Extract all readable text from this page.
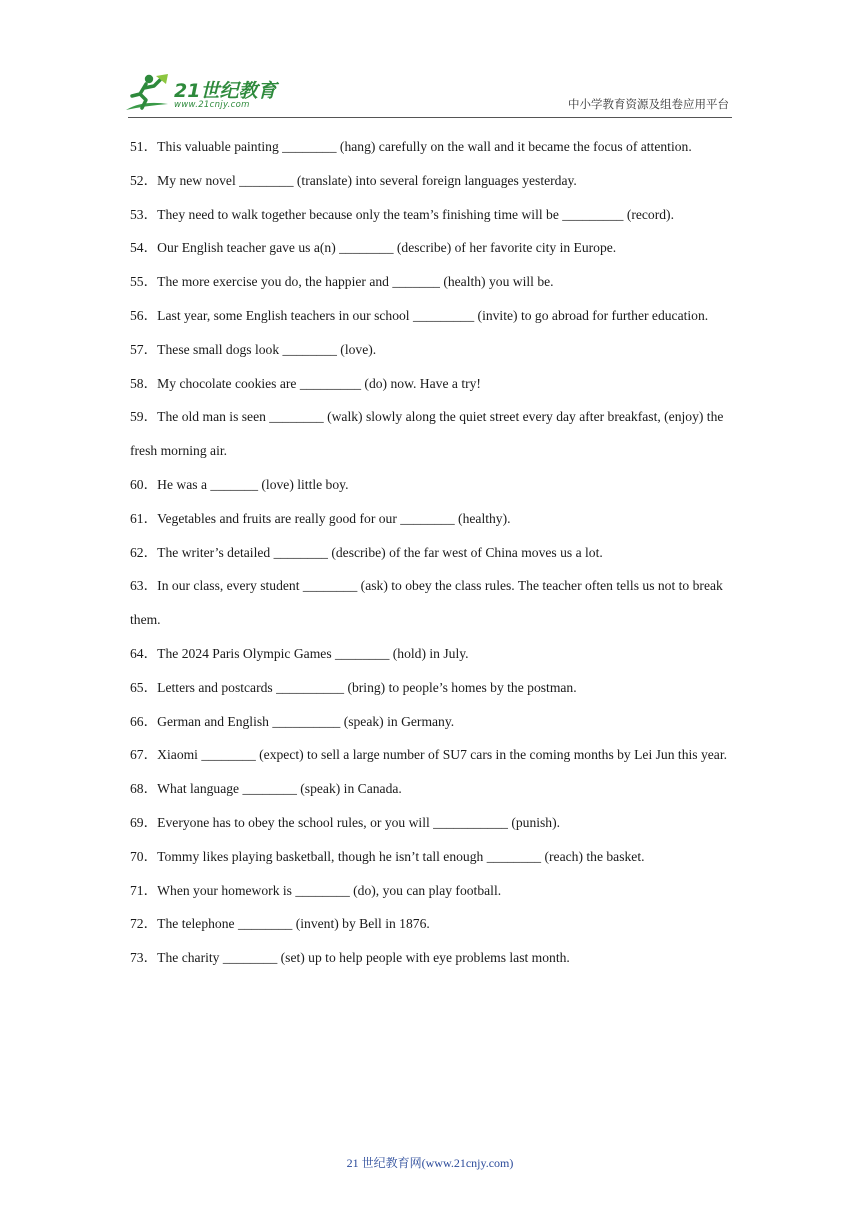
21世纪教育
www.21cnjy.com	中小学教育资源及组卷应用平台

51．This valuable painting ________ (hang) carefully on the wall and it became the focus of attention.

52．My new novel ________ (translate) into several foreign languages yesterday.

53．They need to walk together because only the team’s finishing time will be _________ (record).

54．Our English teacher gave us a(n) ________ (describe) of her favorite city in Europe.

55．The more exercise you do, the happier and _______ (health) you will be.

56．Last year, some English teachers in our school _________ (invite) to go abroad for further education.

57．These small dogs look ________ (love).

58．My chocolate cookies are _________ (do) now. Have a try!

59．The old man is seen ________ (walk) slowly along the quiet street every day after breakfast, (enjoy) the fresh morning air.

60．He was a _______ (love) little boy.

61．Vegetables and fruits are really good for our ________ (healthy).

62．The writer’s detailed ________ (describe) of the far west of China moves us a lot.

63．In our class, every student ________ (ask) to obey the class rules. The teacher often tells us not to break them.

64．The 2024 Paris Olympic Games ________ (hold) in July.

65．Letters and postcards __________ (bring) to people’s homes by the postman.

66．German and English __________ (speak) in Germany.

67．Xiaomi ________ (expect) to sell a large number of SU7 cars in the coming months by Lei Jun this year.

68．What language ________ (speak) in Canada.

69．Everyone has to obey the school rules, or you will ___________ (punish).

70．Tommy likes playing basketball, though he isn’t tall enough ________ (reach) the basket.

71．When your homework is ________ (do), you can play football.

72．The telephone ________ (invent) by Bell in 1876.

73．The charity ________ (set) up to help people with eye problems last month.

21 世纪教育网(www.21cnjy.com)
